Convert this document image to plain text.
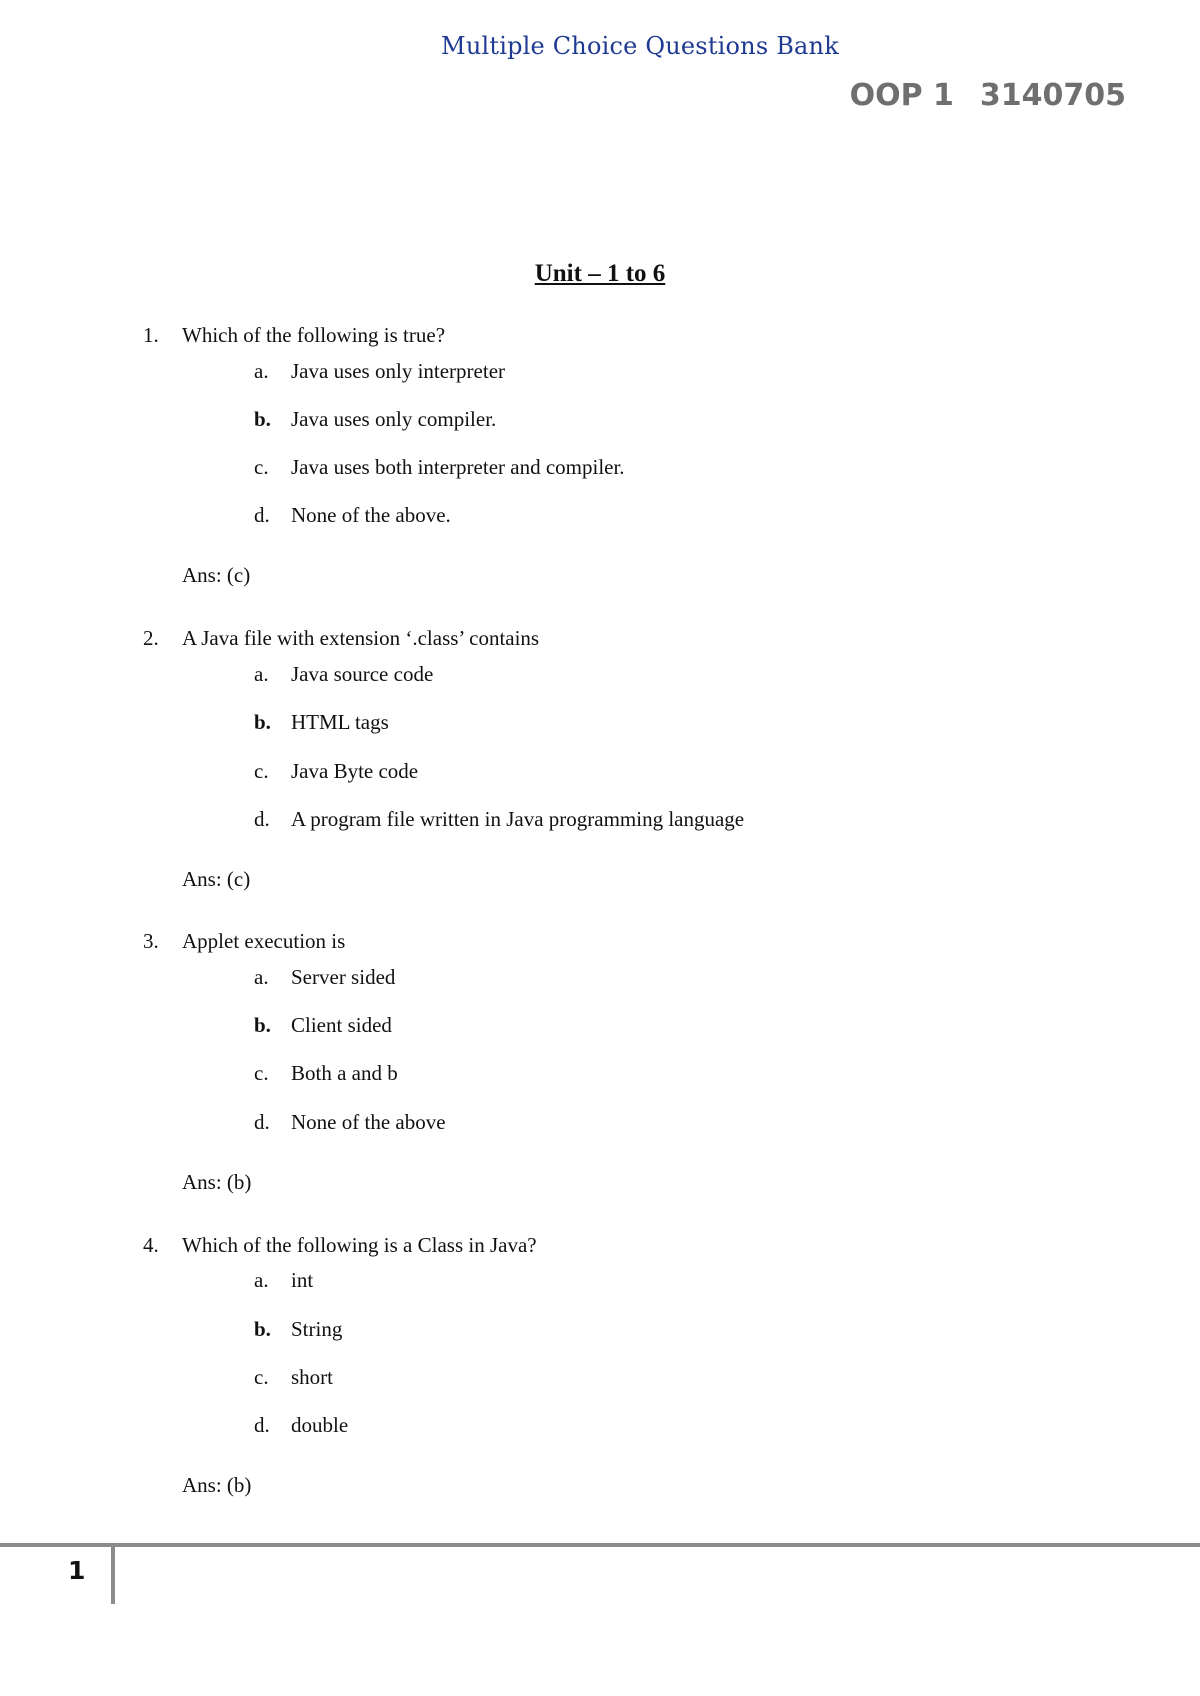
Multiple Choice Questions Bank
OOP 1 3140705
Unit – 1 to 6
1. Which of the following is true?
a. Java uses only interpreter
b. Java uses only compiler.
c. Java uses both interpreter and compiler.
d. None of the above.
Ans: (c)
2. A Java file with extension ‘.class’ contains
a. Java source code
b. HTML tags
c. Java Byte code
d. A program file written in Java programming language
Ans: (c)
3. Applet execution is
a. Server sided
b. Client sided
c. Both a and b
d. None of the above
Ans: (b)
4. Which of the following is a Class in Java?
a. int
b. String
c. short
d. double
Ans: (b)
1
